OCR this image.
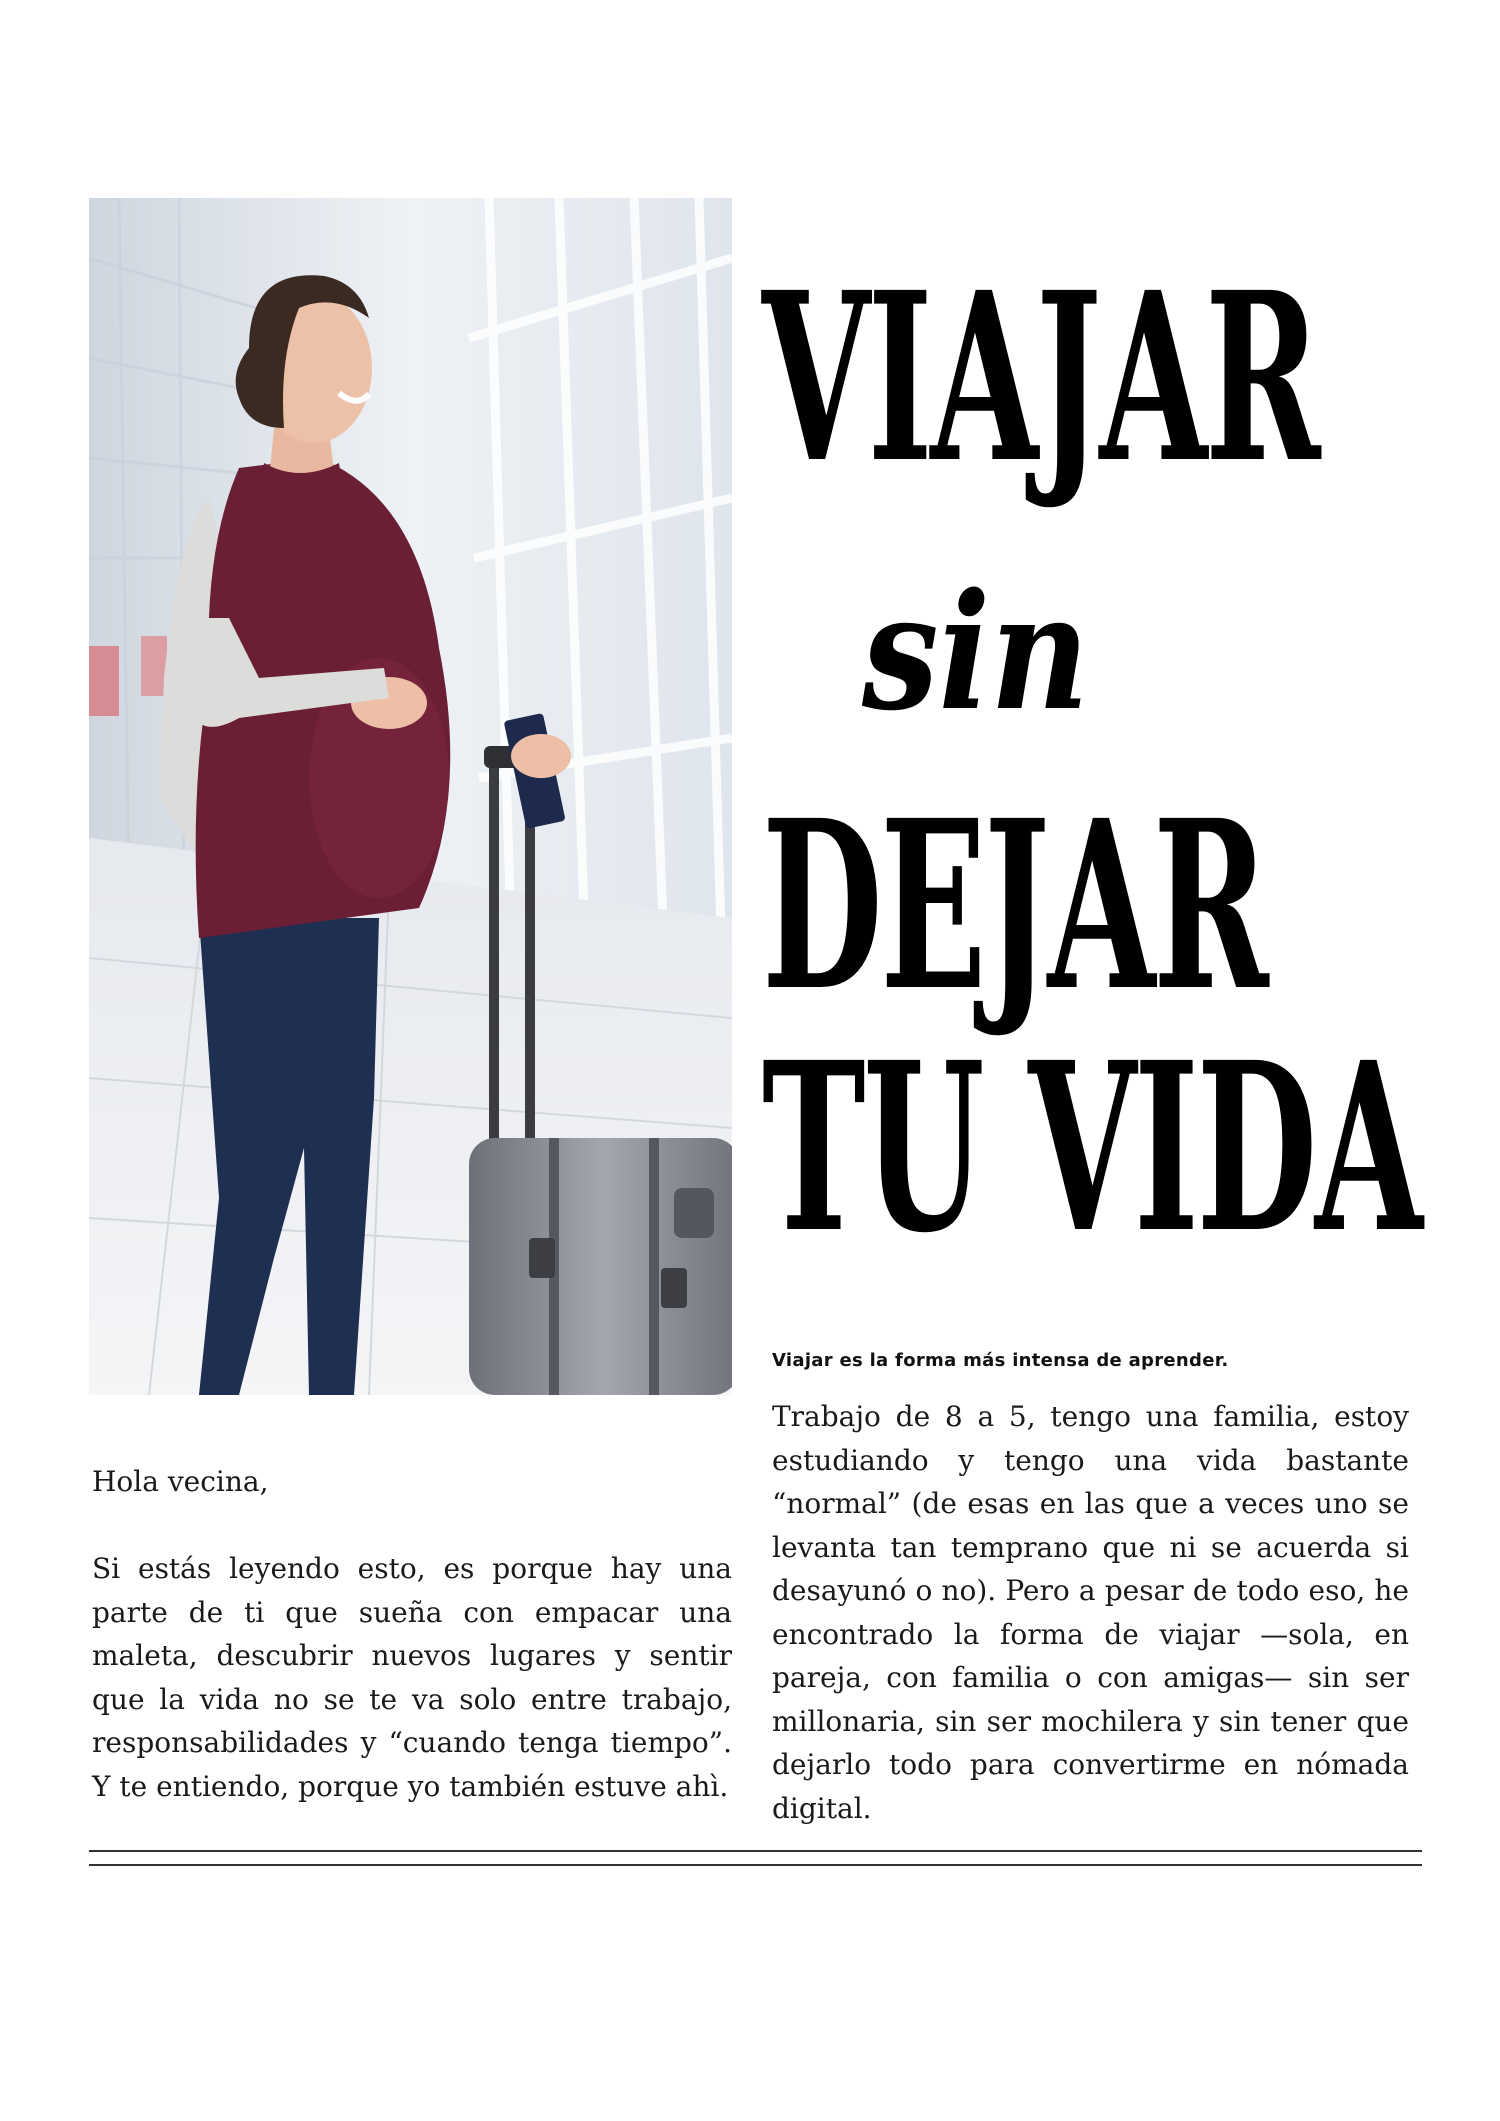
VIAJAR
sin
DEJAR
TU VIDA
Viajar es la forma más intensa de aprender.

Trabajo de 8 a 5, tengo una familia, estoy estudiando y tengo una vida bastante “normal” (de esas en las que a veces uno se levanta tan temprano que ni se acuerda si desayunó o no). Pero a pesar de todo eso, he encontrado la forma de viajar —sola, en pareja, con familia o con amigas— sin ser millonaria, sin ser mochilera y sin tener que dejarlo todo para convertirme en nómada digital.

Hola vecina,

Si estás leyendo esto, es porque hay una parte de ti que sueña con empacar una maleta, descubrir nuevos lugares y sentir que la vida no se te va solo entre trabajo, responsabilidades y “cuando tenga tiempo”. Y te entiendo, porque yo también estuve ahì.
